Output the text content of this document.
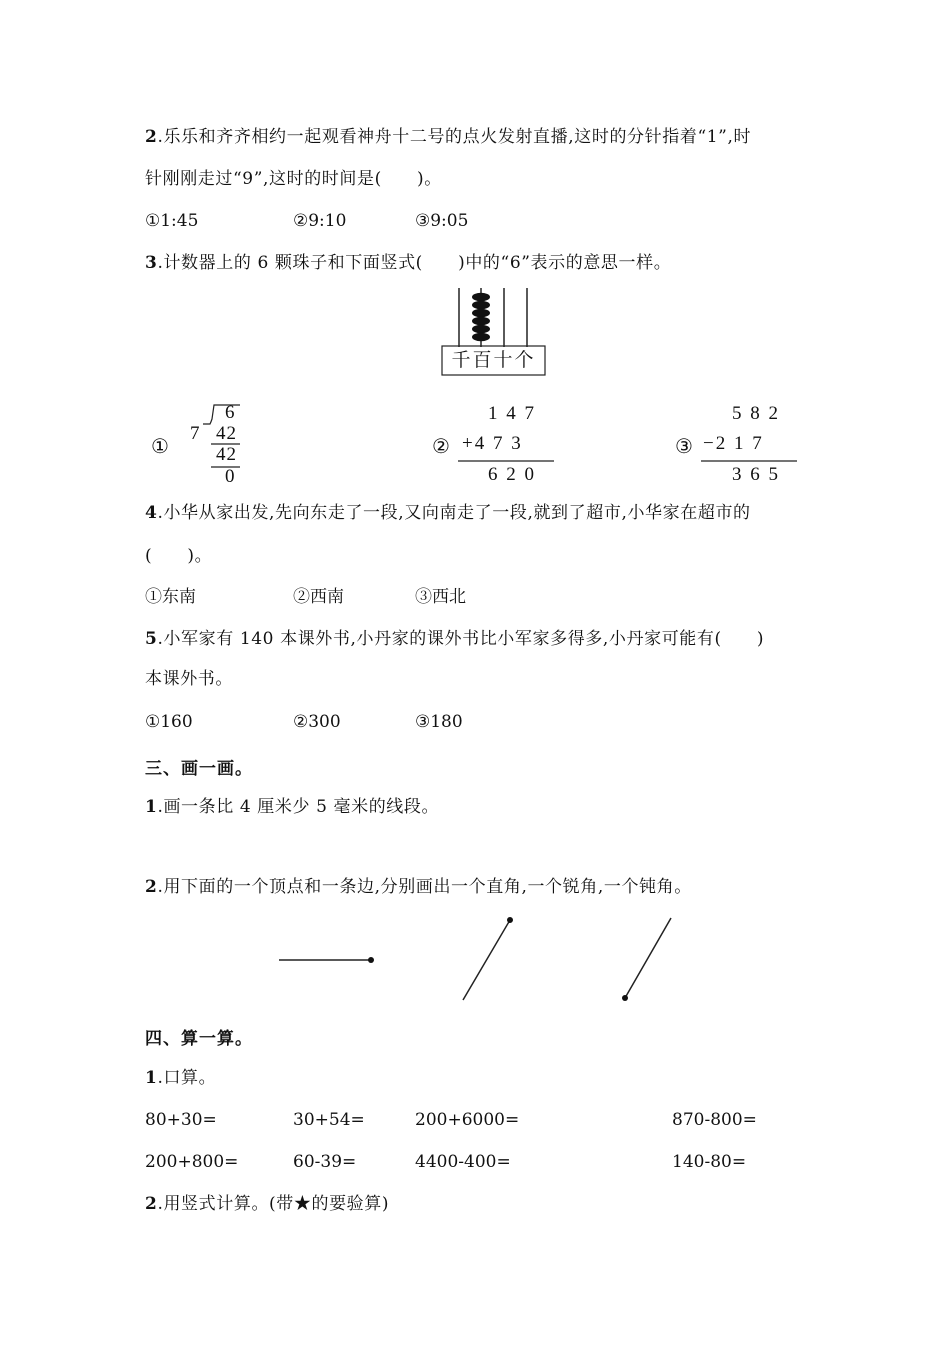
2.乐乐和齐齐相约一起观看神舟十二号的点火发射直播,这时的分针指着“1”,时
针刚刚走过“9”,这时的时间是(　　)。
①1:45	②9:10	③9:05
3.计数器上的 6 颗珠子和下面竖式(　　)中的“6”表示的意思一样。
千百十个
①
6
7 42
42
0
②
1 4 7
+4 7 3
6 2 0
③
5 8 2
−2 1 7
3 6 5
4.小华从家出发,先向东走了一段,又向南走了一段,就到了超市,小华家在超市的
(　　)。
①东南	②西南	③西北
5.小军家有 140 本课外书,小丹家的课外书比小军家多得多,小丹家可能有(　　)
本课外书。
①160	②300	③180
三、画一画。
1.画一条比 4 厘米少 5 毫米的线段。
2.用下面的一个顶点和一条边,分别画出一个直角,一个锐角,一个钝角。
四、算一算。
1.口算。
80+30=	30+54=	200+6000=	870-800=
200+800=	60-39=	4400-400=	140-80=
2.用竖式计算。(带★的要验算)
